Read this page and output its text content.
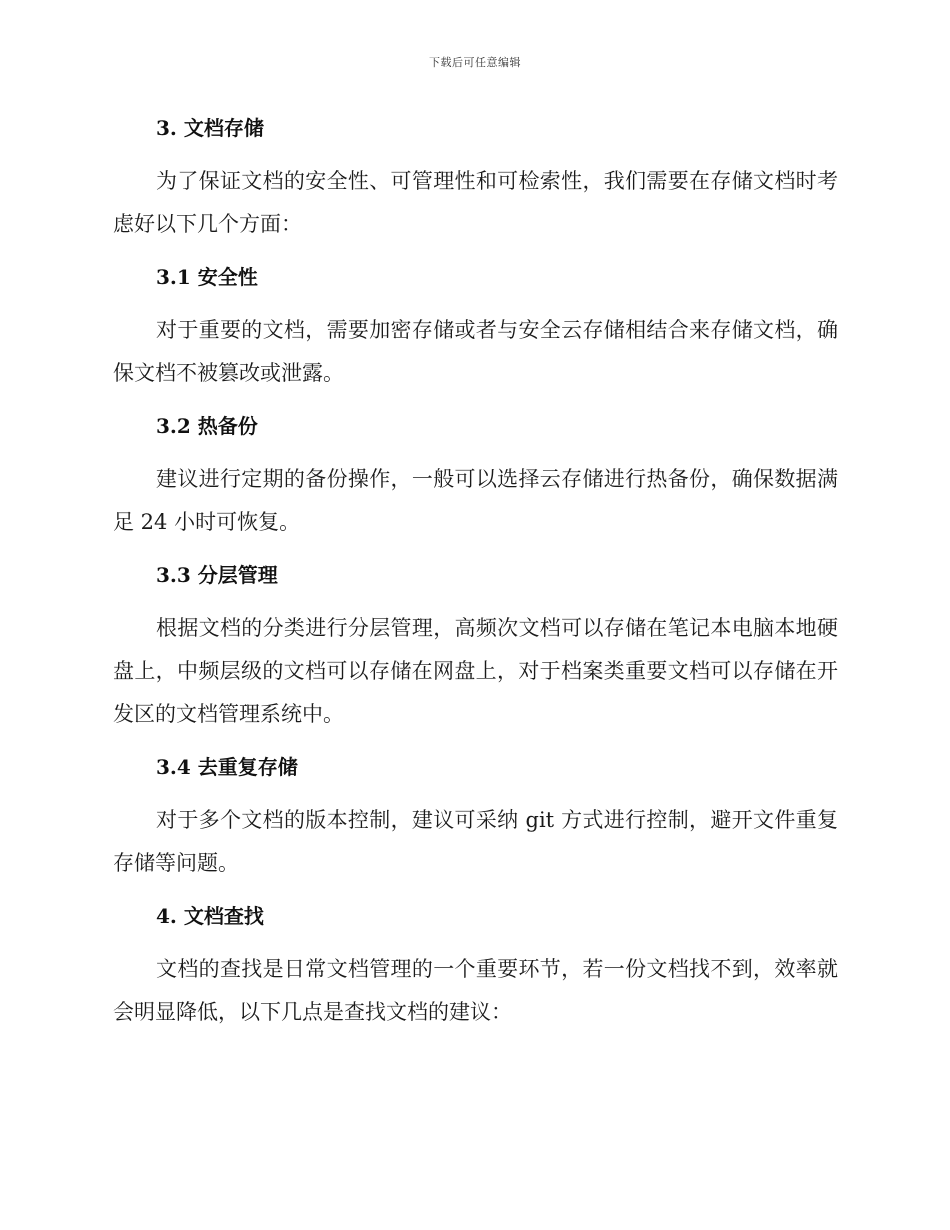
下载后可任意编辑
3. 文档存储

为了保证文档的安全性、可管理性和可检索性，我们需要在存储文档时考虑好以下几个方面：

3.1 安全性

对于重要的文档，需要加密存储或者与安全云存储相结合来存储文档，确保文档不被篡改或泄露。

3.2 热备份

建议进行定期的备份操作，一般可以选择云存储进行热备份，确保数据满足 24 小时可恢复。

3.3 分层管理

根据文档的分类进行分层管理，高频次文档可以存储在笔记本电脑本地硬盘上，中频层级的文档可以存储在网盘上，对于档案类重要文档可以存储在开发区的文档管理系统中。

3.4 去重复存储

对于多个文档的版本控制，建议可采纳 git 方式进行控制，避开文件重复存储等问题。

4. 文档查找

文档的查找是日常文档管理的一个重要环节，若一份文档找不到，效率就会明显降低，以下几点是查找文档的建议：
